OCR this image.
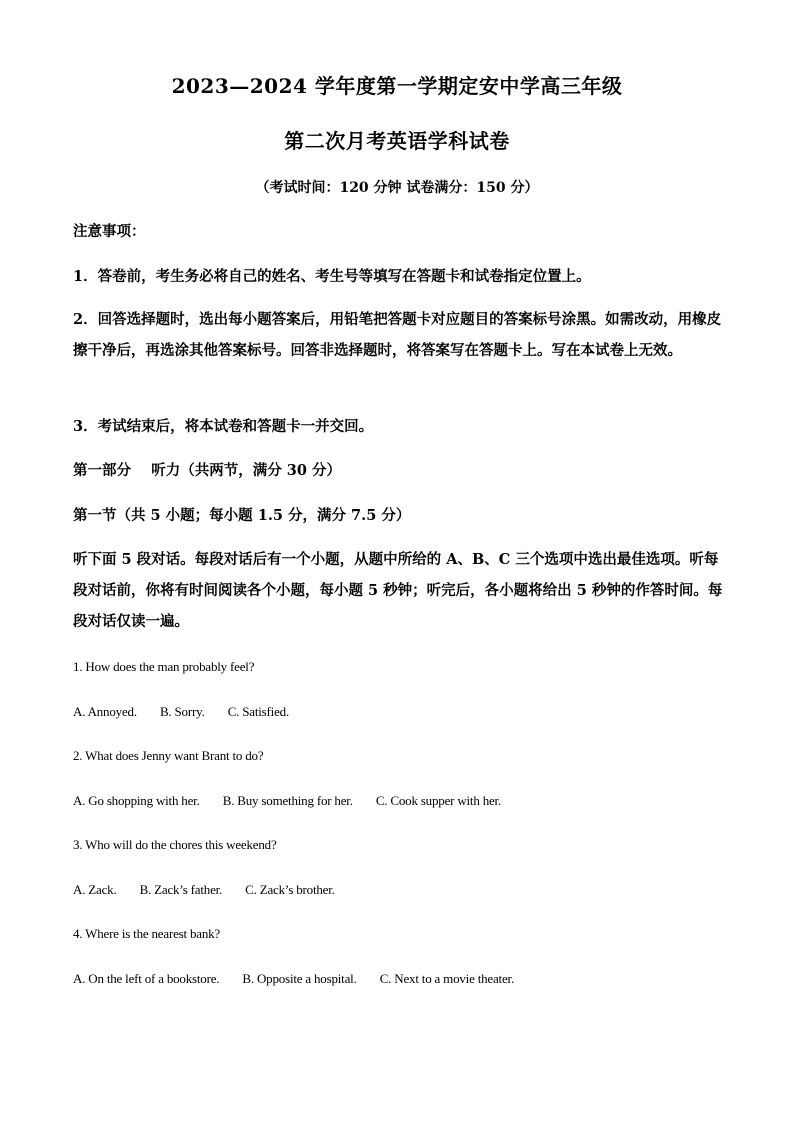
2023—2024 学年度第一学期定安中学高三年级
第二次月考英语学科试卷
（考试时间：120 分钟 试卷满分：150 分）
注意事项：
1．答卷前，考生务必将自己的姓名、考生号等填写在答题卡和试卷指定位置上。
2．回答选择题时，选出每小题答案后，用铅笔把答题卡对应题目的答案标号涂黑。如需改动，用橡皮擦干净后，再选涂其他答案标号。回答非选择题时，将答案写在答题卡上。写在本试卷上无效。
3．考试结束后，将本试卷和答题卡一并交回。
第一部分    听力（共两节，满分 30 分）
第一节（共 5 小题；每小题 1.5 分，满分 7.5 分）
听下面 5 段对话。每段对话后有一个小题，从题中所给的 A、B、C 三个选项中选出最佳选项。听每段对话前，你将有时间阅读各个小题，每小题 5 秒钟；听完后，各小题将给出 5 秒钟的作答时间。每段对话仅读一遍。
1. How does the man probably feel?
A. Annoyed. B. Sorry. C. Satisfied.
2. What does Jenny want Brant to do?
A. Go shopping with her. B. Buy something for her. C. Cook supper with her.
3. Who will do the chores this weekend?
A. Zack. B. Zack’s father. C. Zack’s brother.
4. Where is the nearest bank?
A. On the left of a bookstore. B. Opposite a hospital. C. Next to a movie theater.
